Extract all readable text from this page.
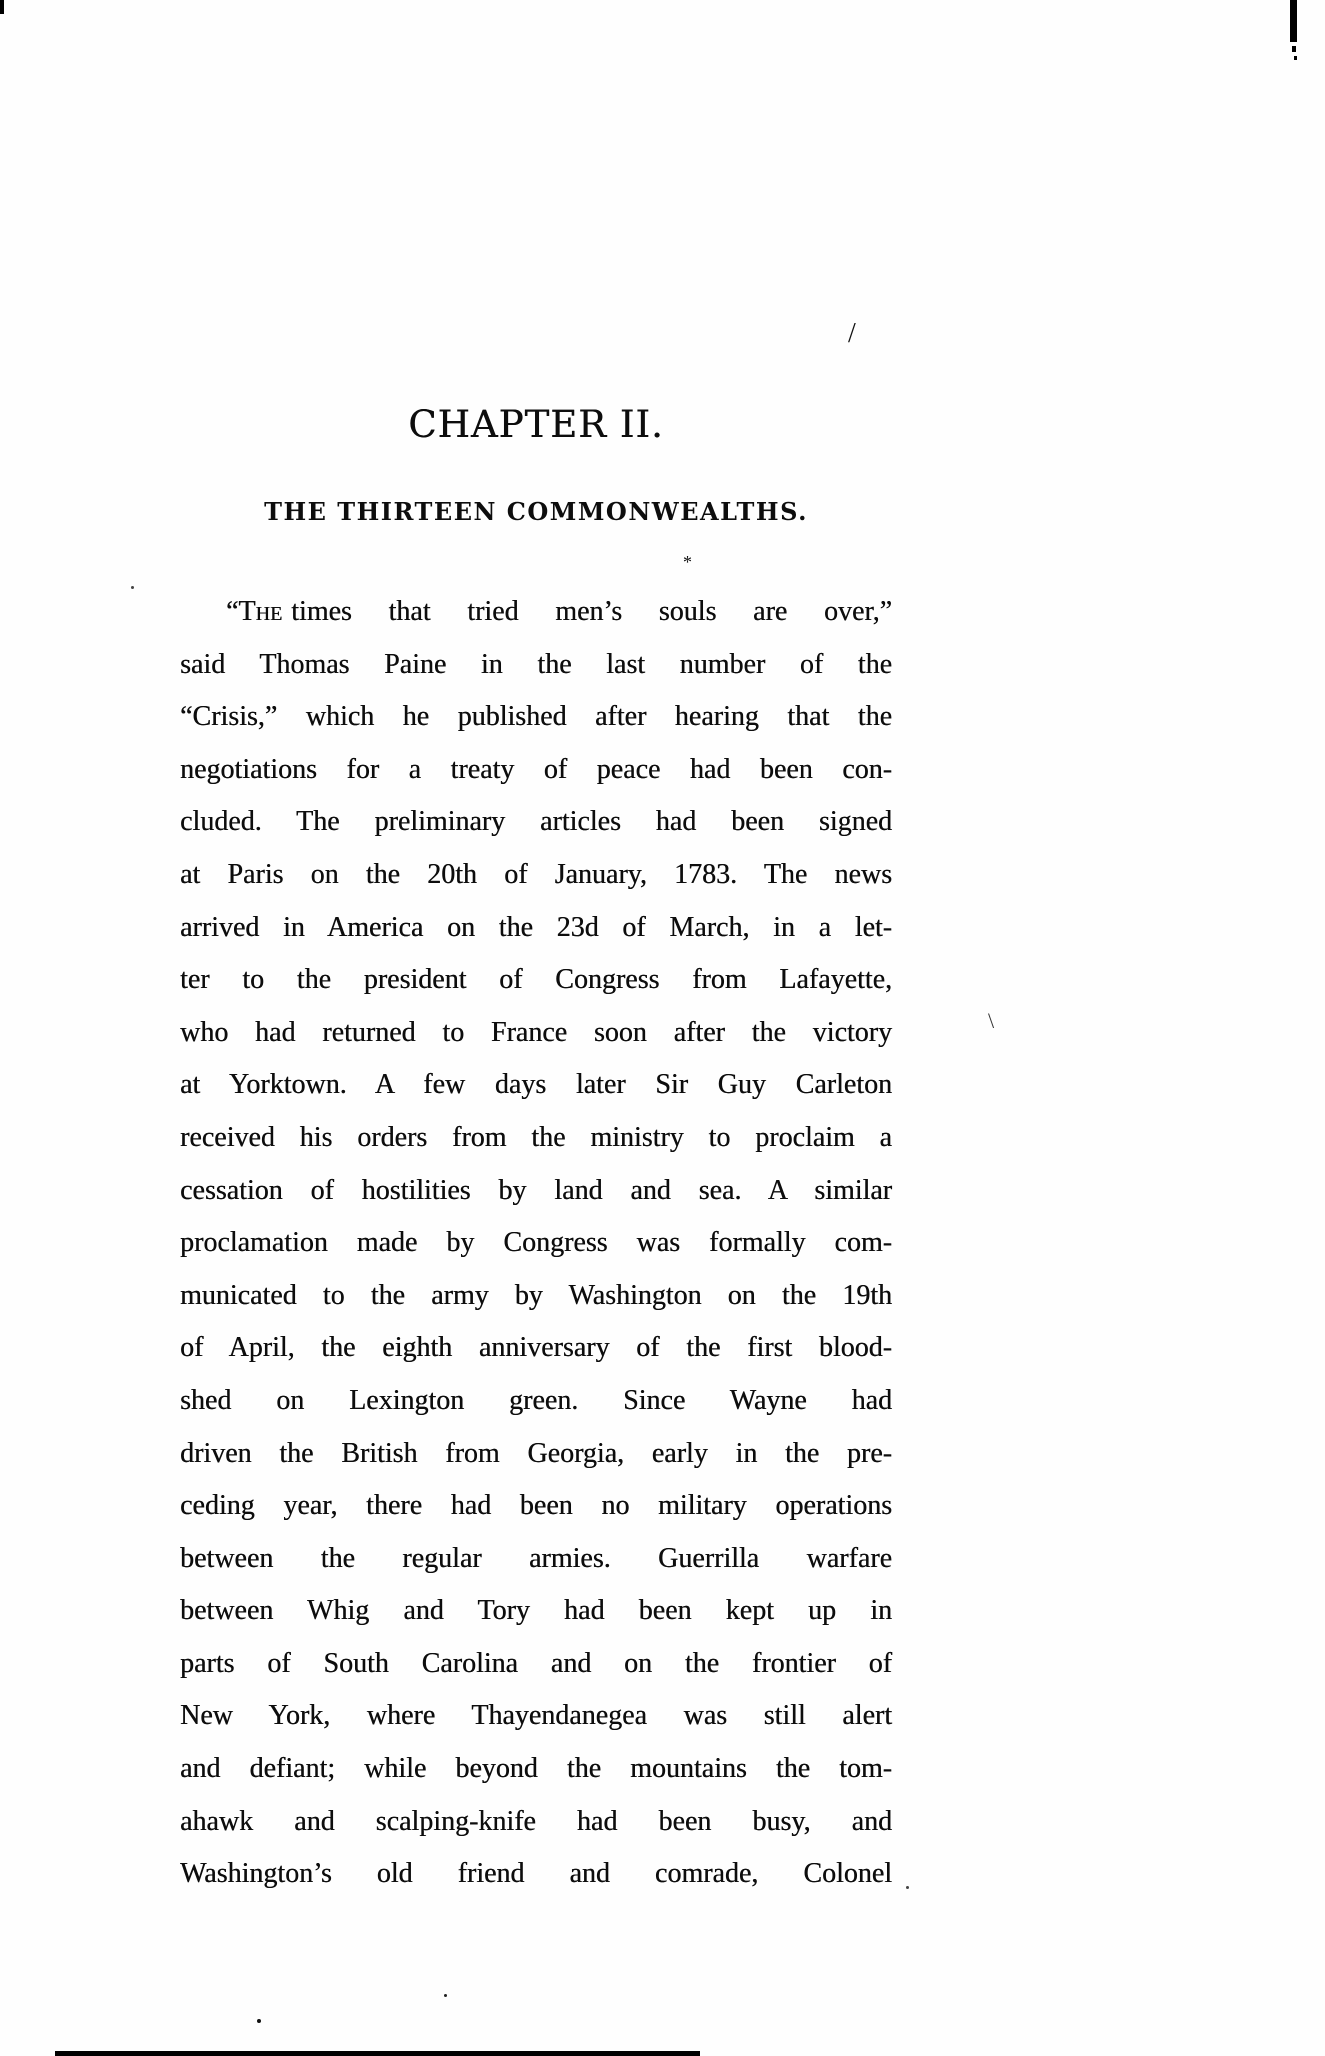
/
*
\
CHAPTER II.
THE THIRTEEN COMMONWEALTHS.
“The times that tried men’s souls are over,”
said Thomas Paine in the last number of the
“Crisis,” which he published after hearing that the
negotiations for a treaty of peace had been con-
cluded. The preliminary articles had been signed
at Paris on the 20th of January, 1783. The news
arrived in America on the 23d of March, in a let-
ter to the president of Congress from Lafayette,
who had returned to France soon after the victory
at Yorktown. A few days later Sir Guy Carleton
received his orders from the ministry to proclaim a
cessation of hostilities by land and sea. A similar
proclamation made by Congress was formally com-
municated to the army by Washington on the 19th
of April, the eighth anniversary of the first blood-
shed on Lexington green. Since Wayne had
driven the British from Georgia, early in the pre-
ceding year, there had been no military operations
between the regular armies. Guerrilla warfare
between Whig and Tory had been kept up in
parts of South Carolina and on the frontier of
New York, where Thayendanegea was still alert
and defiant; while beyond the mountains the tom-
ahawk and scalping-knife had been busy, and
Washington’s old friend and comrade, Colonel
